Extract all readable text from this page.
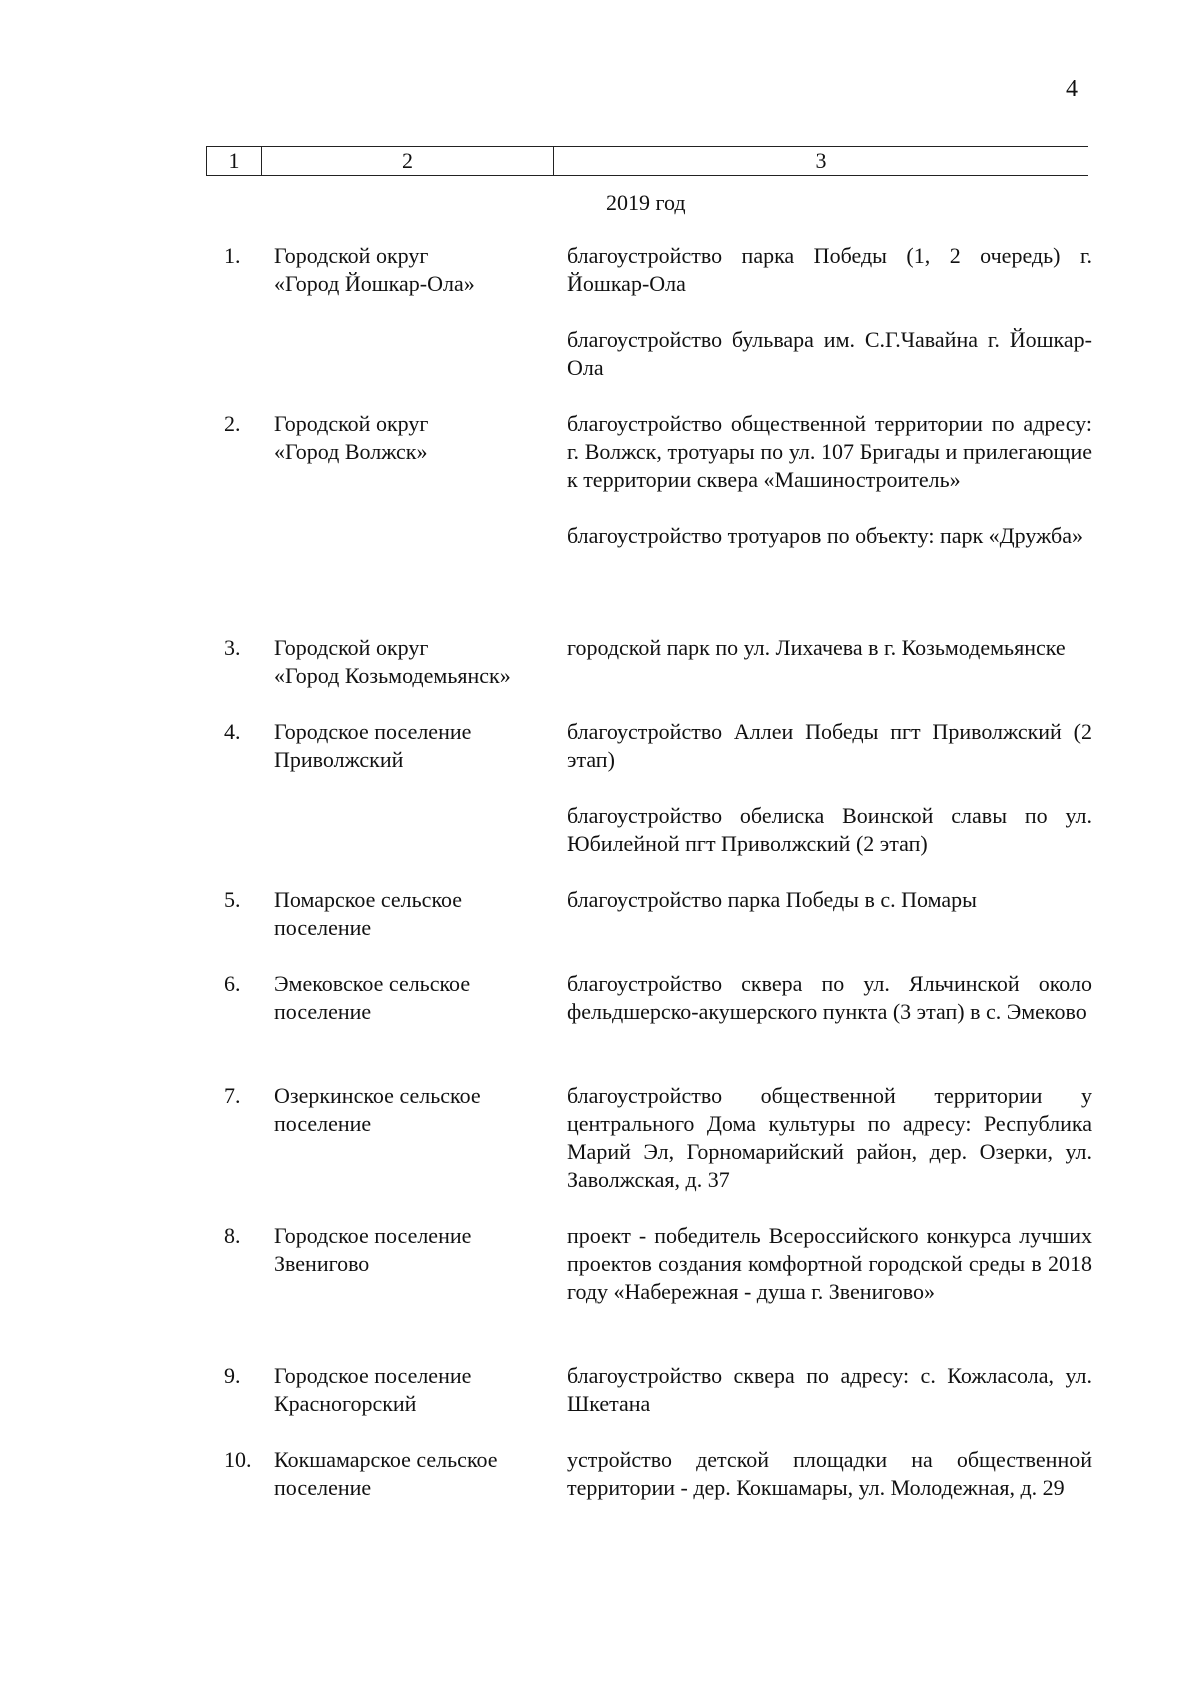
4
1	2	3
2019 год
1. Городской округ
«Город Йошкар-Ола»
благоустройство парка Победы (1, 2 очередь) г. Йошкар-Ола
благоустройство бульвара им. С.Г.Чавайна г. Йошкар-Ола
2. Городской округ
«Город Волжск»
благоустройство общественной территории по адресу: г. Волжск, тротуары по ул. 107 Бригады и прилегающие к территории сквера «Машиностроитель»
благоустройство тротуаров по объекту: парк «Дружба»
3. Городской округ
«Город Козьмодемьянск»
городской парк по ул. Лихачева в г. Козьмодемьянске
4. Городское поселение
Приволжский
благоустройство Аллеи Победы пгт Приволжский (2 этап)
благоустройство обелиска Воинской славы по ул. Юбилейной пгт Приволжский (2 этап)
5. Помарское сельское
поселение
благоустройство парка Победы в с. Помары
6. Эмековское сельское
поселение
благоустройство сквера по ул. Яльчинской около фельдшерско-акушерского пункта (3 этап) в с. Эмеково
7. Озеркинское сельское
поселение
благоустройство общественной территории у центрального Дома культуры по адресу: Республика Марий Эл, Горномарийский район, дер. Озерки, ул. Заволжская, д. 37
8. Городское поселение
Звенигово
проект - победитель Всероссийского конкурса лучших проектов создания комфортной городской среды в 2018 году «Набережная - душа г. Звенигово»
9. Городское поселение
Красногорский
благоустройство сквера по адресу: с. Кожласола, ул. Шкетана
10. Кокшамарское сельское
поселение
устройство детской площадки на общественной территории - дер. Кокшамары, ул. Молодежная, д. 29
